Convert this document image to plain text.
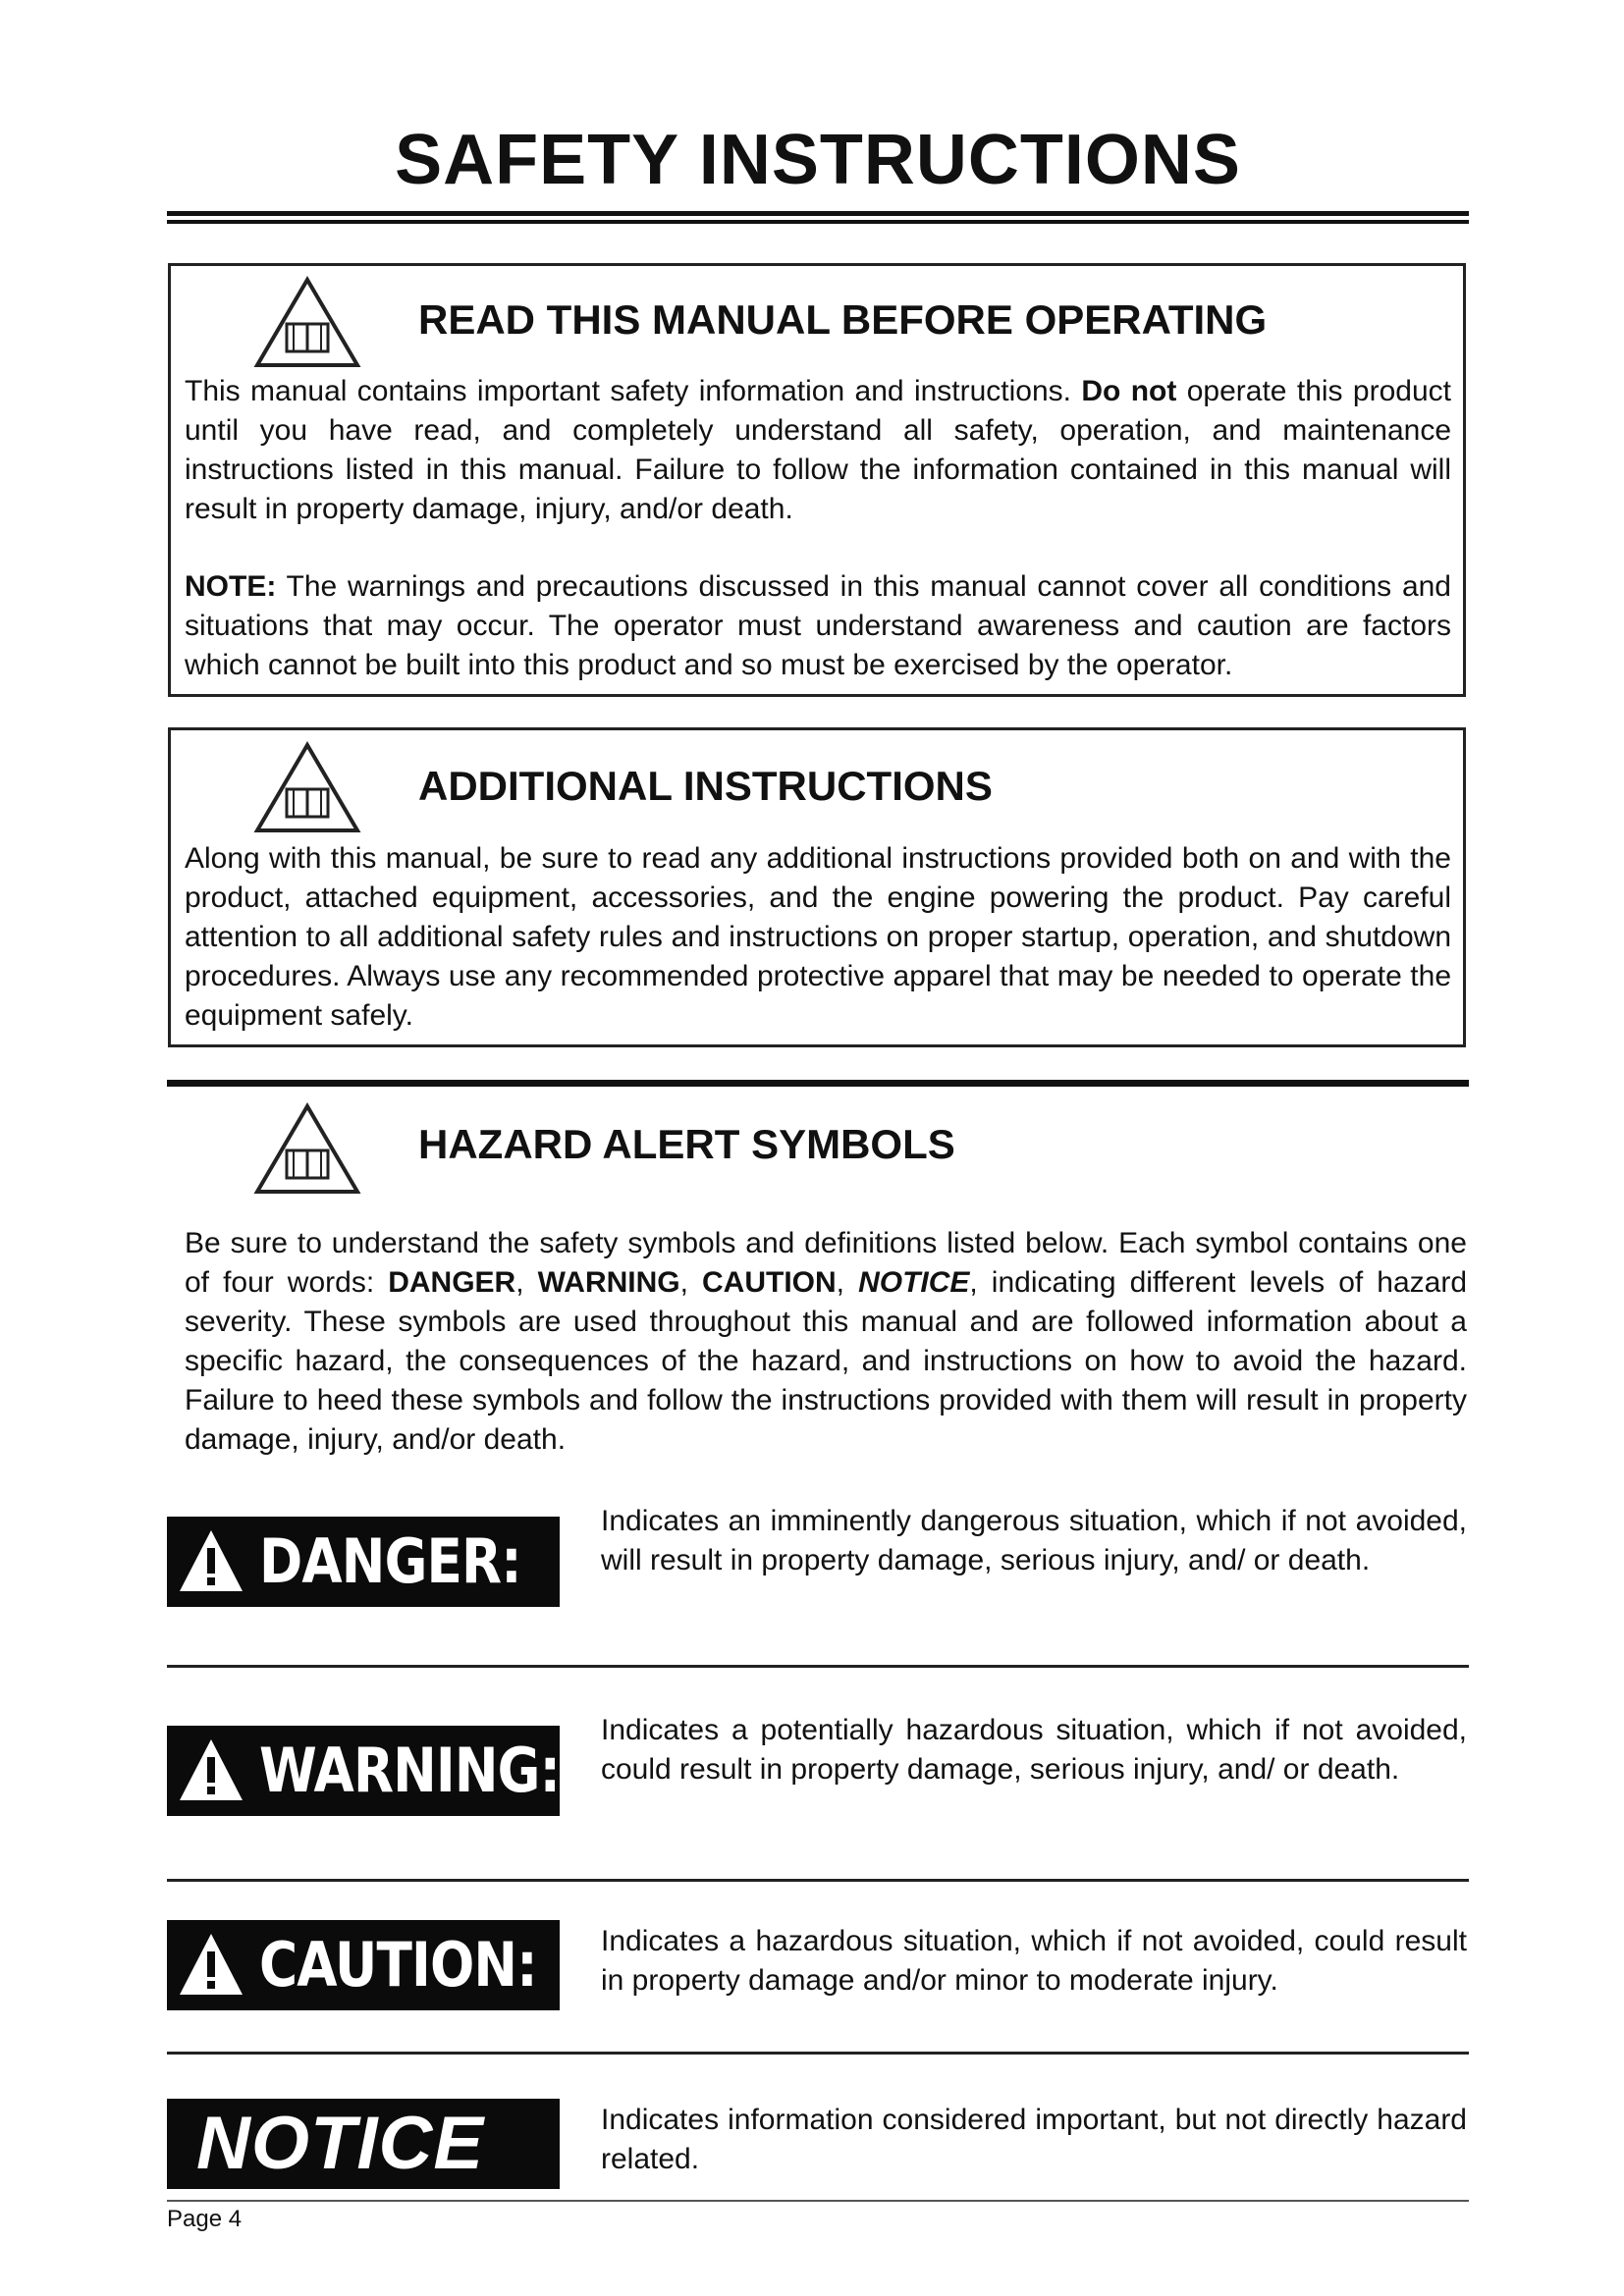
SAFETY INSTRUCTIONS
READ THIS MANUAL BEFORE OPERATING

This manual contains important safety information and instructions. Do not operate this product until you have read, and completely understand all safety, operation, and maintenance instructions listed in this manual. Failure to follow the information contained in this manual will result in property damage, injury, and/or death.

NOTE: The warnings and precautions discussed in this manual cannot cover all conditions and situations that may occur. The operator must understand awareness and caution are factors which cannot be built into this product and so must be exercised by the operator.

ADDITIONAL INSTRUCTIONS

Along with this manual, be sure to read any additional instructions provided both on and with the product, attached equipment, accessories, and the engine powering the product. Pay careful attention to all additional safety rules and instructions on proper startup, operation, and shutdown procedures. Always use any recommended protective apparel that may be needed to operate the equipment safely.

HAZARD ALERT SYMBOLS

Be sure to understand the safety symbols and definitions listed below. Each symbol contains one of four words: DANGER, WARNING, CAUTION, NOTICE, indicating different levels of hazard severity. These symbols are used throughout this manual and are followed information about a specific hazard, the consequences of the hazard, and instructions on how to avoid the hazard. Failure to heed these symbols and follow the instructions provided with them will result in property damage, injury, and/or death.

DANGER:

Indicates an imminently dangerous situation, which if not avoided, will result in property damage, serious injury, and/ or death.

WARNING:

Indicates a potentially hazardous situation, which if not avoided, could result in property damage, serious injury, and/ or death.

CAUTION: Indicates a hazardous situation, which if not avoided, could result in property damage and/or minor to moderate injury.

NOTICE	Indicates information considered important, but not directly hazard related.

Page 4
